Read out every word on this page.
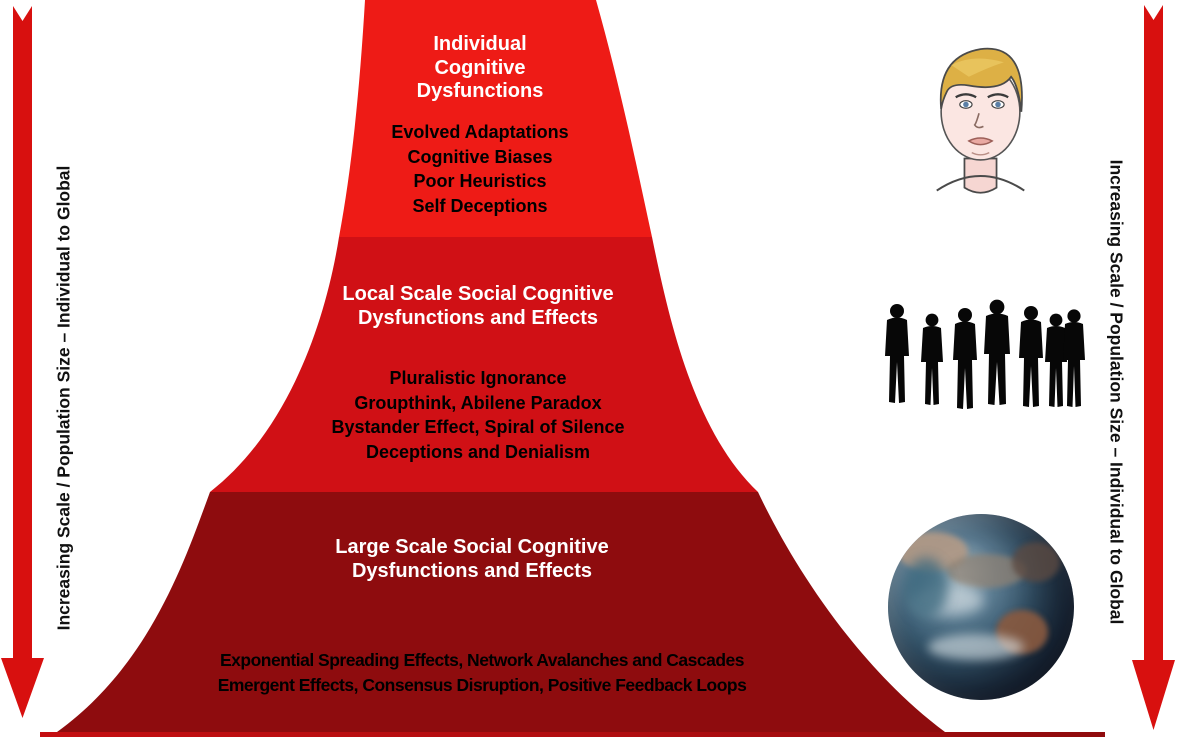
Individual Cognitive Dysfunctions
Evolved Adaptations
Cognitive Biases
Poor Heuristics
Self Deceptions
Local Scale Social Cognitive Dysfunctions and Effects
Pluralistic Ignorance
Groupthink, Abilene Paradox
Bystander Effect, Spiral of Silence
Deceptions and Denialism
Large Scale Social Cognitive Dysfunctions and Effects
Exponential Spreading Effects, Network Avalanches and Cascades
Emergent Effects, Consensus Disruption, Positive Feedback Loops
Increasing Scale / Population Size – Individual to Global	Increasing Scale / Population Size – Individual to Global
